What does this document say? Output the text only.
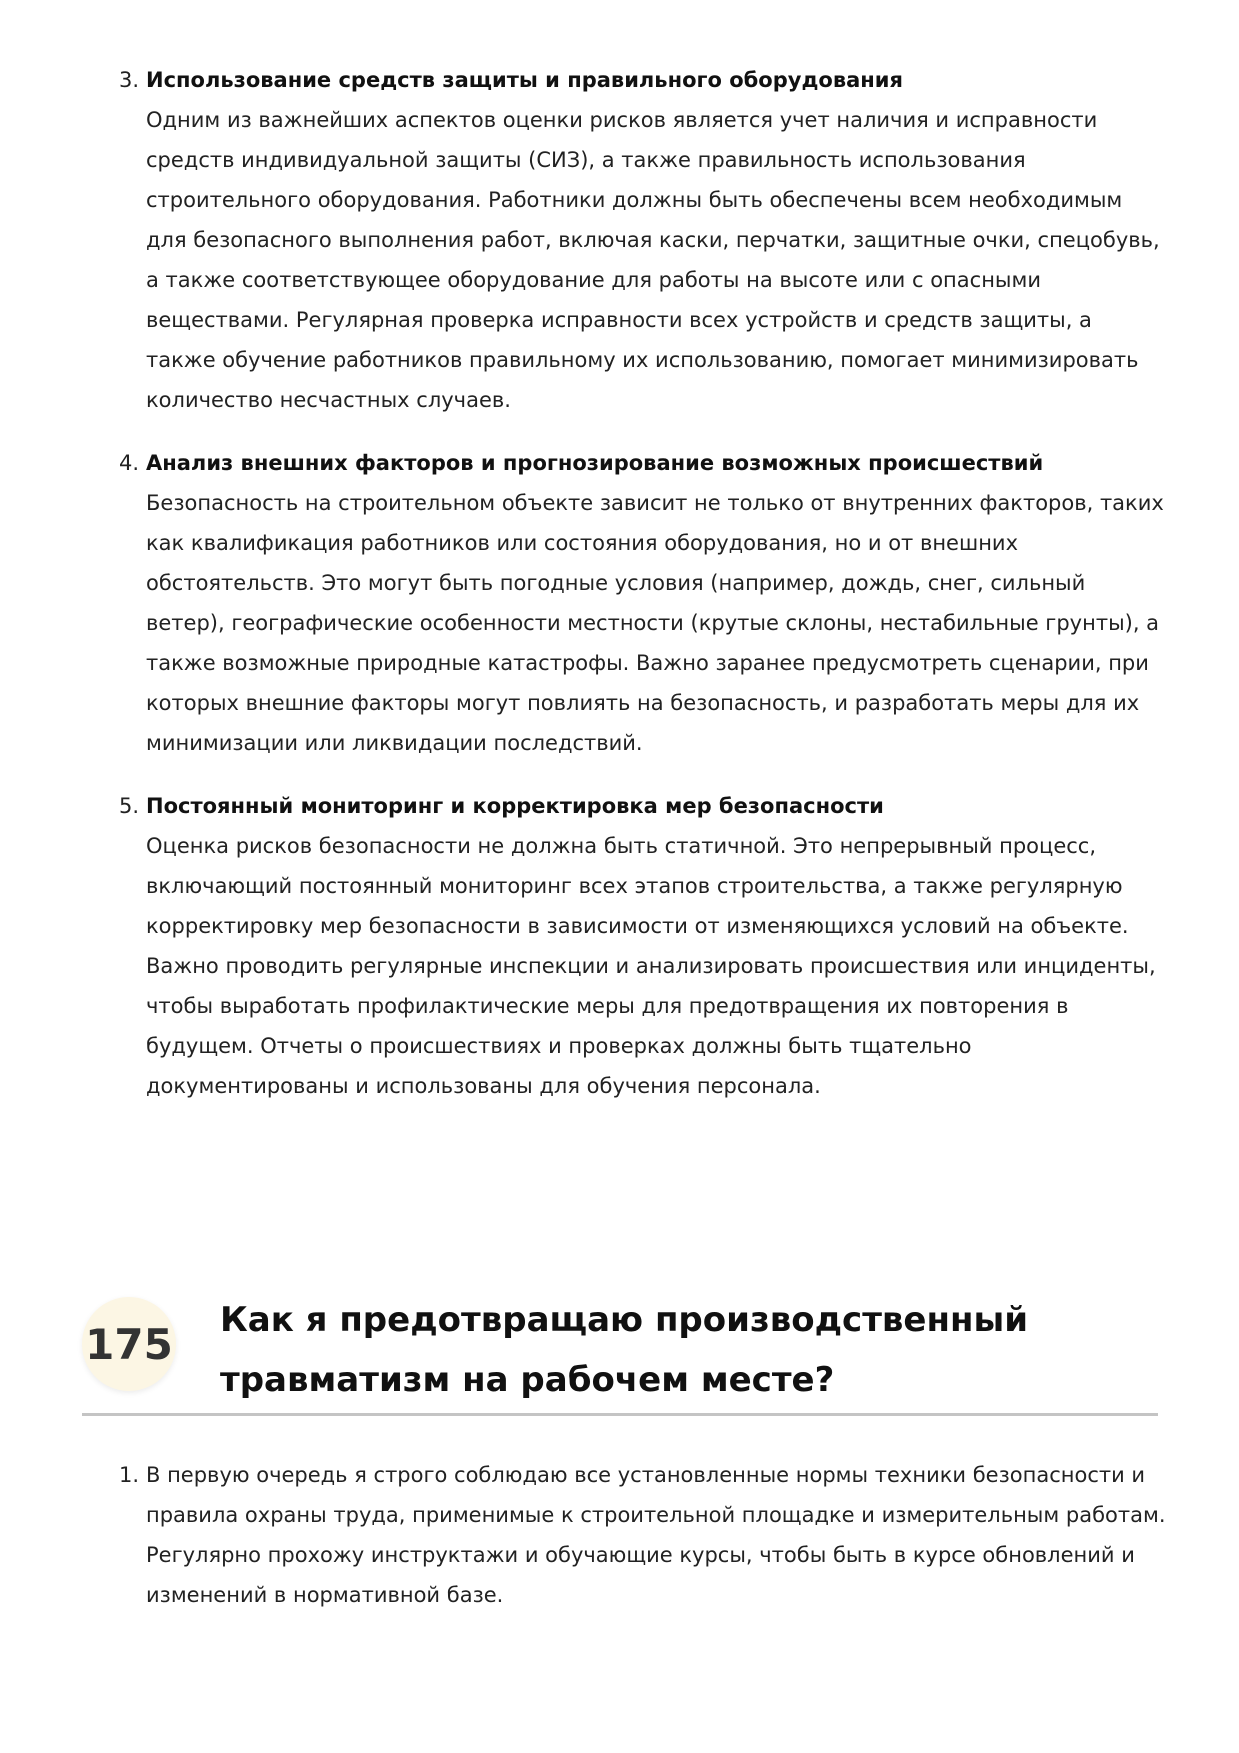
3. Использование средств защиты и правильного оборудования
Одним из важнейших аспектов оценки рисков является учет наличия и исправности средств индивидуальной защиты (СИЗ), а также правильность использования строительного оборудования. Работники должны быть обеспечены всем необходимым для безопасного выполнения работ, включая каски, перчатки, защитные очки, спецобувь, а также соответствующее оборудование для работы на высоте или с опасными веществами. Регулярная проверка исправности всех устройств и средств защиты, а также обучение работников правильному их использованию, помогает минимизировать количество несчастных случаев.
4. Анализ внешних факторов и прогнозирование возможных происшествий
Безопасность на строительном объекте зависит не только от внутренних факторов, таких как квалификация работников или состояния оборудования, но и от внешних обстоятельств. Это могут быть погодные условия (например, дождь, снег, сильный ветер), географические особенности местности (крутые склоны, нестабильные грунты), а также возможные природные катастрофы. Важно заранее предусмотреть сценарии, при которых внешние факторы могут повлиять на безопасность, и разработать меры для их минимизации или ликвидации последствий.
5. Постоянный мониторинг и корректировка мер безопасности
Оценка рисков безопасности не должна быть статичной. Это непрерывный процесс, включающий постоянный мониторинг всех этапов строительства, а также регулярную корректировку мер безопасности в зависимости от изменяющихся условий на объекте. Важно проводить регулярные инспекции и анализировать происшествия или инциденты, чтобы выработать профилактические меры для предотвращения их повторения в будущем. Отчеты о происшествиях и проверках должны быть тщательно документированы и использованы для обучения персонала.
175 Как я предотвращаю производственный травматизм на рабочем месте?
1. В первую очередь я строго соблюдаю все установленные нормы техники безопасности и правила охраны труда, применимые к строительной площадке и измерительным работам. Регулярно прохожу инструктажи и обучающие курсы, чтобы быть в курсе обновлений и изменений в нормативной базе.
